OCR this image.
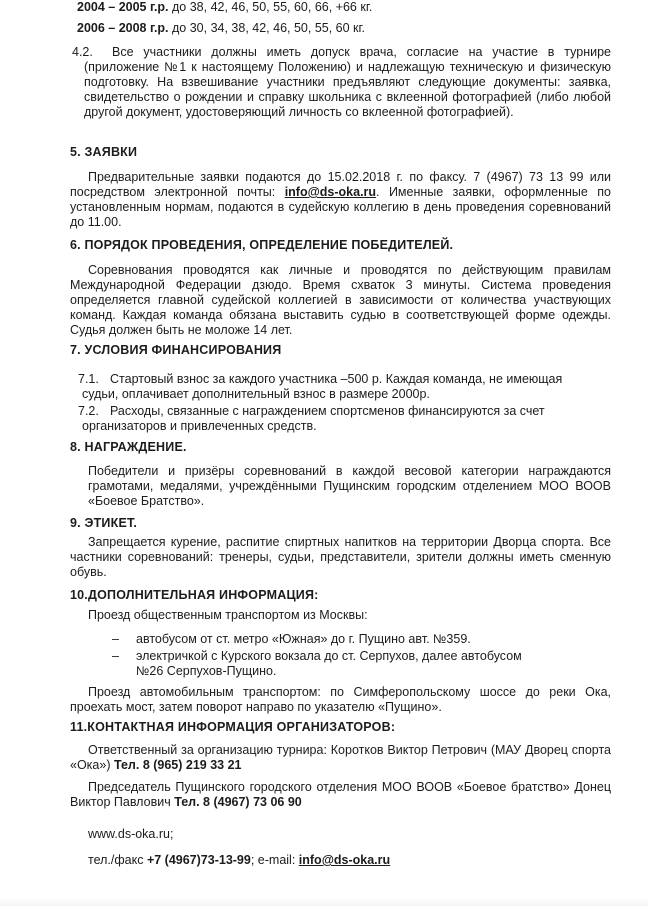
2004 – 2005 г.р. до 38, 42, 46, 50, 55, 60, 66, +66 кг.
2006 – 2008 г.р. до 30, 34, 38, 42, 46, 50, 55, 60 кг.
4.2.	Все участники должны иметь допуск врача, согласие на участие в турнире (приложение №1 к настоящему Положению) и надлежащую техническую и физическую подготовку. На взвешивание участники предъявляют следующие документы: заявка, свидетельство о рождении и справку школьника с вклеенной фотографией (либо любой другой документ, удостоверяющий личность со вклеенной фотографией).
5. ЗАЯВКИ
Предварительные заявки подаются до 15.02.2018 г. по факсу. 7 (4967) 73 13 99 или посредством электронной почты: info@ds-oka.ru. Именные заявки, оформленные по установленным нормам, подаются в судейскую коллегию в день проведения соревнований до 11.00.
6. ПОРЯДОК ПРОВЕДЕНИЯ, ОПРЕДЕЛЕНИЕ ПОБЕДИТЕЛЕЙ.
Соревнования проводятся как личные и проводятся по действующим правилам Международной Федерации дзюдо. Время схваток 3 минуты. Система проведения определяется главной судейской коллегией в зависимости от количества участвующих команд. Каждая команда обязана выставить судью в соответствующей форме одежды. Судья должен быть не моложе 14 лет.
7. УСЛОВИЯ ФИНАНСИРОВАНИЯ
7.1. Стартовый взнос за каждого участника –500 р. Каждая команда, не имеющая судьи, оплачивает дополнительный взнос в размере 2000р.
7.2. Расходы, связанные с награждением спортсменов финансируются за счет организаторов и привлеченных средств.
8. НАГРАЖДЕНИЕ.
Победители и призёры соревнований в каждой весовой категории награждаются грамотами, медалями, учреждёнными Пущинским городским отделением МОО ВООВ «Боевое Братство».
9. ЭТИКЕТ.
Запрещается курение, распитие спиртных напитков на территории Дворца спорта. Все частники соревнований: тренеры, судьи, представители, зрители должны иметь сменную обувь.
10.ДОПОЛНИТЕЛЬНАЯ ИНФОРМАЦИЯ:
Проезд общественным транспортом из Москвы:
–	автобусом от ст. метро «Южная» до г. Пущино авт. №359.
–	электричкой с Курского вокзала до ст. Серпухов, далее автобусом №26 Серпухов-Пущино.
Проезд автомобильным транспортом: по Симферопольскому шоссе до реки Ока, проехать мост, затем поворот направо по указателю «Пущино».
11.КОНТАКТНАЯ ИНФОРМАЦИЯ ОРГАНИЗАТОРОВ:
Ответственный за организацию турнира: Коротков Виктор Петрович (МАУ Дворец спорта «Ока») Тел. 8 (965) 219 33 21
Председатель Пущинского городского отделения МОО ВООВ «Боевое братство» Донец Виктор Павлович Тел. 8 (4967) 73 06 90
www.ds-oka.ru;
тел./факс +7 (4967)73-13-99; e-mail: info@ds-oka.ru
